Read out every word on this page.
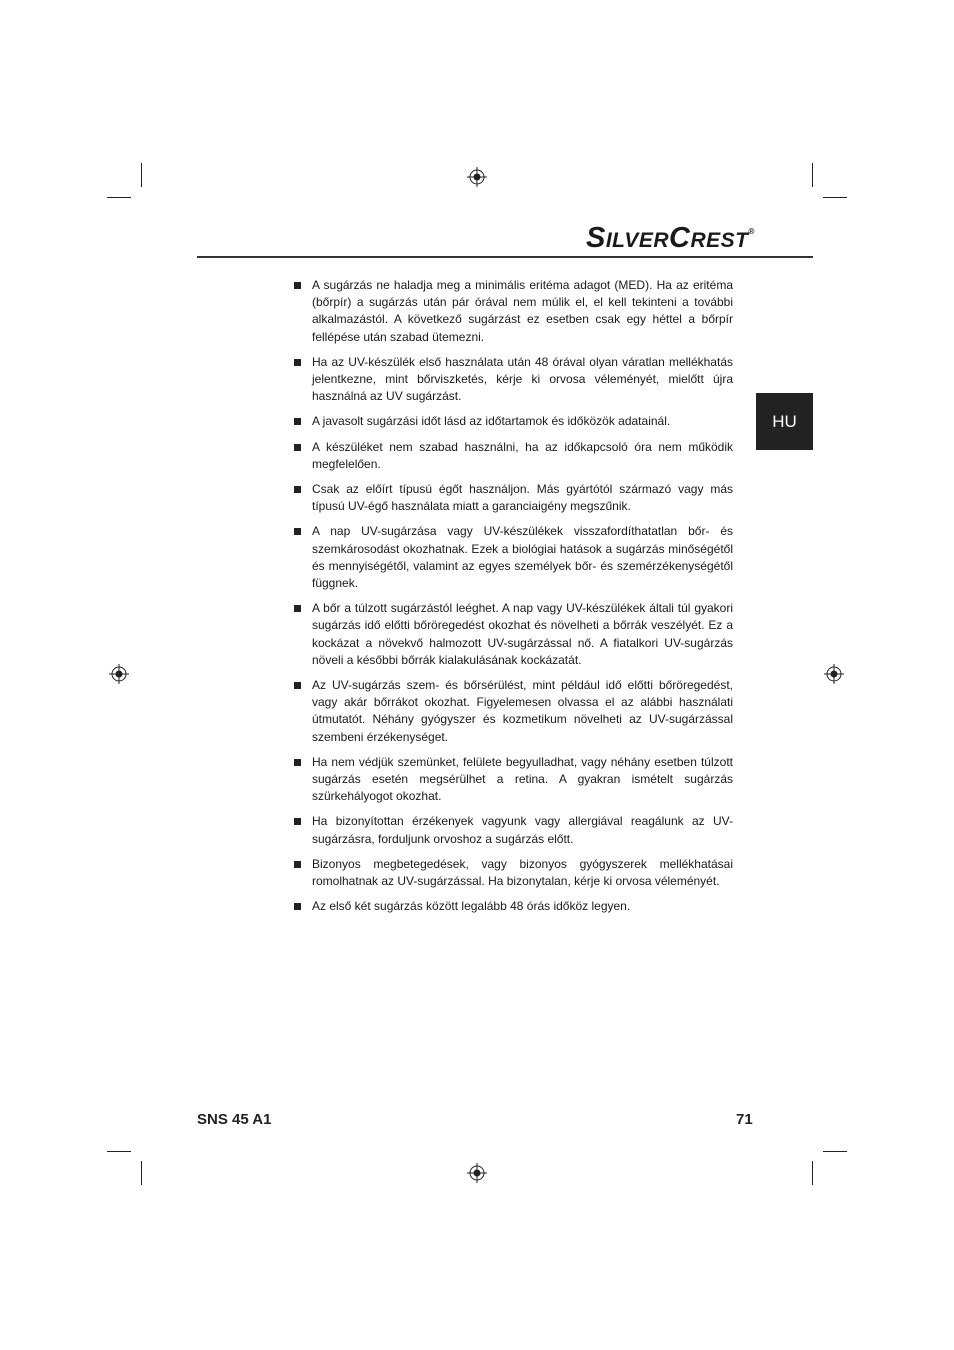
SILVERCREST®
HU
A sugárzás ne haladja meg a minimális eritéma adagot (MED). Ha az eritéma (bőrpír) a sugárzás után pár órával nem múlik el, el kell tekinteni a további alkalmazástól. A következő sugárzást ez esetben csak egy héttel a bőrpír fellépése után szabad ütemezni.
Ha az UV-készülék első használata után 48 órával olyan váratlan mellékhatás jelentkezne, mint bőrviszketés, kérje ki orvosa véleményét, mielőtt újra használná az UV sugárzást.
A javasolt sugárzási időt lásd az időtartamok és időközök adatainál.
A készüléket nem szabad használni, ha az időkapcsoló óra nem működik megfelelően.
Csak az előírt típusú égőt használjon. Más gyártótól származó vagy más típusú UV-égő használata miatt a garanciaigény megszűnik.
A nap UV-sugárzása vagy UV-készülékek visszafordíthatatlan bőr- és szemkárosodást okozhatnak. Ezek a biológiai hatások a sugárzás minőségétől és mennyiségétől, valamint az egyes személyek bőr- és szemérzékenységétől függnek.
A bőr a túlzott sugárzástól leéghet. A nap vagy UV-készülékek általi túl gyakori sugárzás idő előtti bőröregedést okozhat és növelheti a bőrrák veszélyét. Ez a kockázat a növekvő halmozott UV-sugárzással nő. A fiatalkori UV-sugárzás növeli a későbbi bőrrák kialakulásának kockázatát.
Az UV-sugárzás szem- és bőrsérülést, mint például idő előtti bőröregedést, vagy akár bőrrákot okozhat. Figyelemesen olvassa el az alábbi használati útmutatót. Néhány gyógyszer és kozmetikum növelheti az UV-sugárzással szembeni érzékenységet.
Ha nem védjük szemünket, felülete begyulladhat, vagy néhány esetben túlzott sugárzás esetén megsérülhet a retina. A gyakran ismételt sugárzás szürkehályogot okozhat.
Ha bizonyítottan érzékenyek vagyunk vagy allergiával reagálunk az UV-sugárzásra, forduljunk orvoshoz a sugárzás előtt.
Bizonyos megbetegedések, vagy bizonyos gyógyszerek mellékhatásai romolhatnak az UV-sugárzással. Ha bizonytalan, kérje ki orvosa véleményét.
Az első két sugárzás között legalább 48 órás időköz legyen.
SNS 45 A1	71
